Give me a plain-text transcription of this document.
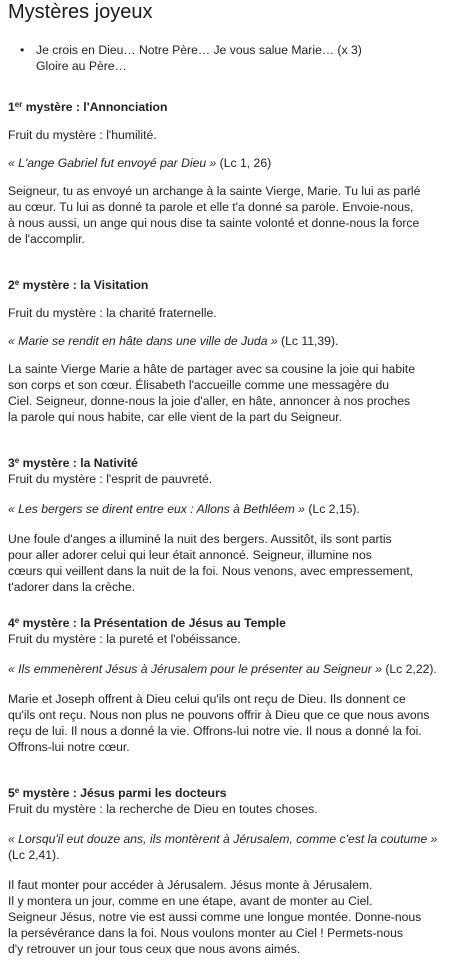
Mystères joyeux
• Je crois en Dieu… Notre Père… Je vous salue Marie… (x 3)
Gloire au Père…

1er mystère : l'Annonciation

Fruit du mystère : l'humilité.

« L'ange Gabriel fut envoyé par Dieu » (Lc 1, 26)

Seigneur, tu as envoyé un archange à la sainte Vierge, Marie. Tu lui as parlé
au cœur. Tu lui as donné ta parole et elle t'a donné sa parole. Envoie-nous,
à nous aussi, un ange qui nous dise ta sainte volonté et donne-nous la force
de l'accomplir.

2e mystère : la Visitation

Fruit du mystère : la charité fraternelle.

« Marie se rendit en hâte dans une ville de Juda » (Lc 11,39).

La sainte Vierge Marie a hâte de partager avec sa cousine la joie qui habite
son corps et son cœur. Élisabeth l'accueille comme une messagère du
Ciel. Seigneur, donne-nous la joie d'aller, en hâte, annoncer à nos proches
la parole qui nous habite, car elle vient de la part du Seigneur.

3e mystère : la Nativité

Fruit du mystère : l'esprit de pauvreté.

« Les bergers se dirent entre eux : Allons à Bethléem » (Lc 2,15).

Une foule d'anges a illuminé la nuit des bergers. Aussitôt, ils sont partis
pour aller adorer celui qui leur était annoncé. Seigneur, illumine nos
cœurs qui veillent dans la nuit de la foi. Nous venons, avec empressement,
t'adorer dans la crèche.

4e mystère : la Présentation de Jésus au Temple

Fruit du mystère : la pureté et l'obéissance.

« Ils emmenèrent Jésus à Jérusalem pour le présenter au Seigneur » (Lc 2,22).

Marie et Joseph offrent à Dieu celui qu'ils ont reçu de Dieu. Ils donnent ce
qu'ils ont reçu. Nous non plus ne pouvons offrir à Dieu que ce que nous avons
reçu de lui. Il nous a donné la vie. Offrons-lui notre vie. Il nous a donné la foi.
Offrons-lui notre cœur.

5e mystère : Jésus parmi les docteurs

Fruit du mystère : la recherche de Dieu en toutes choses.

« Lorsqu'il eut douze ans, ils montèrent à Jérusalem, comme c'est la coutume »
(Lc 2,41).

Il faut monter pour accéder à Jérusalem. Jésus monte à Jérusalem.
Il y montera un jour, comme en une étape, avant de monter au Ciel.
Seigneur Jésus, notre vie est aussi comme une longue montée. Donne-nous
la persévérance dans la foi. Nous voulons monter au Ciel ! Permets-nous
d'y retrouver un jour tous ceux que nous avons aimés.
